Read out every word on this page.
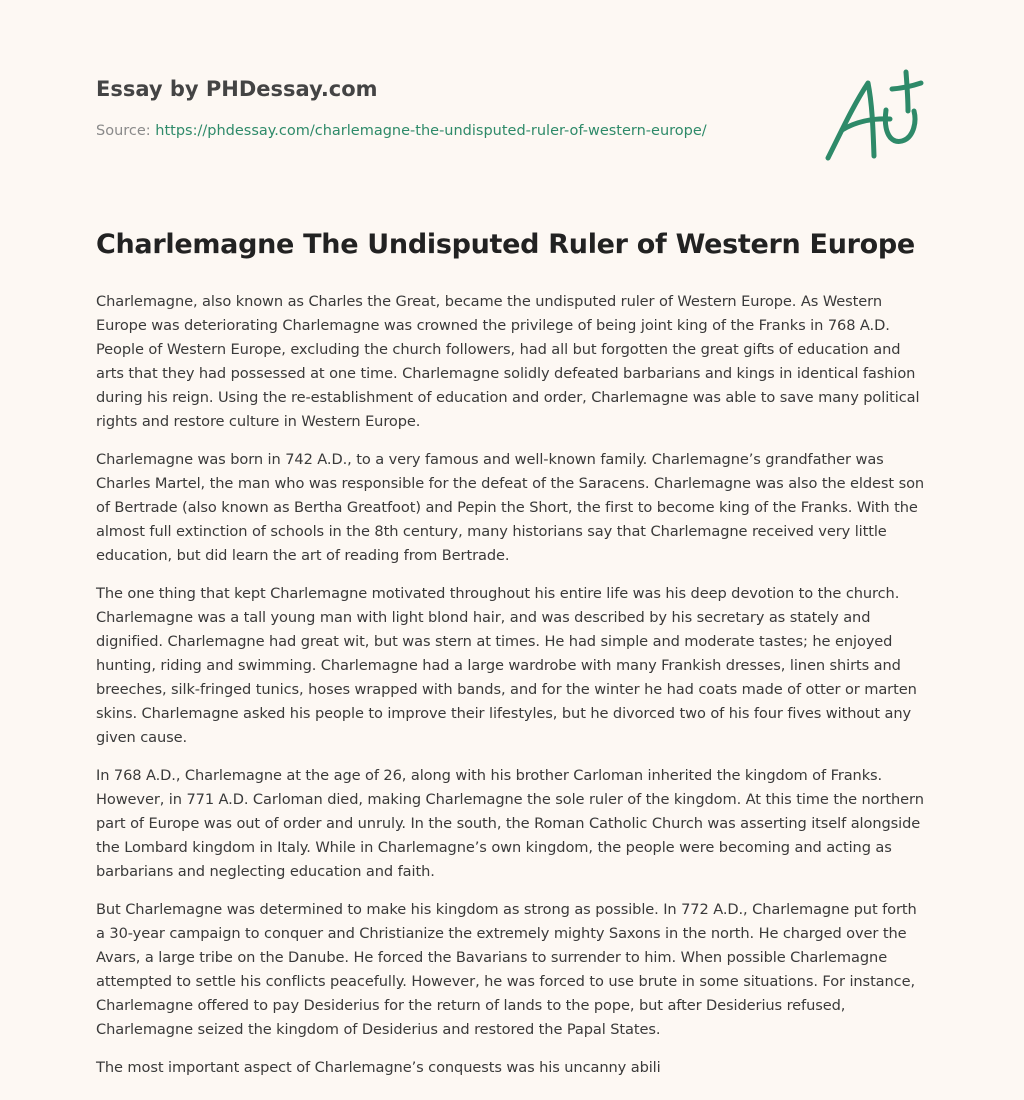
Essay by PHDessay.com
Source: https://phdessay.com/charlemagne-the-undisputed-ruler-of-western-europe/
Charlemagne The Undisputed Ruler of Western Europe

Charlemagne, also known as Charles the Great, became the undisputed ruler of Western Europe. As Western Europe was deteriorating Charlemagne was crowned the privilege of being joint king of the Franks in 768 A.D. People of Western Europe, excluding the church followers, had all but forgotten the great gifts of education and arts that they had possessed at one time. Charlemagne solidly defeated barbarians and kings in identical fashion during his reign. Using the re-establishment of education and order, Charlemagne was able to save many political rights and restore culture in Western Europe.

Charlemagne was born in 742 A.D., to a very famous and well-known family. Charlemagne’s grandfather was Charles Martel, the man who was responsible for the defeat of the Saracens. Charlemagne was also the eldest son of Bertrade (also known as Bertha Greatfoot) and Pepin the Short, the first to become king of the Franks. With the almost full extinction of schools in the 8th century, many historians say that Charlemagne received very little education, but did learn the art of reading from Bertrade.

The one thing that kept Charlemagne motivated throughout his entire life was his deep devotion to the church. Charlemagne was a tall young man with light blond hair, and was described by his secretary as stately and dignified. Charlemagne had great wit, but was stern at times. He had simple and moderate tastes; he enjoyed hunting, riding and swimming. Charlemagne had a large wardrobe with many Frankish dresses, linen shirts and breeches, silk-fringed tunics, hoses wrapped with bands, and for the winter he had coats made of otter or marten skins. Charlemagne asked his people to improve their lifestyles, but he divorced two of his four fives without any given cause.

In 768 A.D., Charlemagne at the age of 26, along with his brother Carloman inherited the kingdom of Franks. However, in 771 A.D. Carloman died, making Charlemagne the sole ruler of the kingdom. At this time the northern part of Europe was out of order and unruly. In the south, the Roman Catholic Church was asserting itself alongside the Lombard kingdom in Italy. While in Charlemagne’s own kingdom, the people were becoming and acting as barbarians and neglecting education and faith.

But Charlemagne was determined to make his kingdom as strong as possible. In 772 A.D., Charlemagne put forth a 30-year campaign to conquer and Christianize the extremely mighty Saxons in the north. He charged over the Avars, a large tribe on the Danube. He forced the Bavarians to surrender to him. When possible Charlemagne attempted to settle his conflicts peacefully. However, he was forced to use brute in some situations. For instance, Charlemagne offered to pay Desiderius for the return of lands to the pope, but after Desiderius refused, Charlemagne seized the kingdom of Desiderius and restored the Papal States.

The most important aspect of Charlemagne’s conquests was his uncanny abili
